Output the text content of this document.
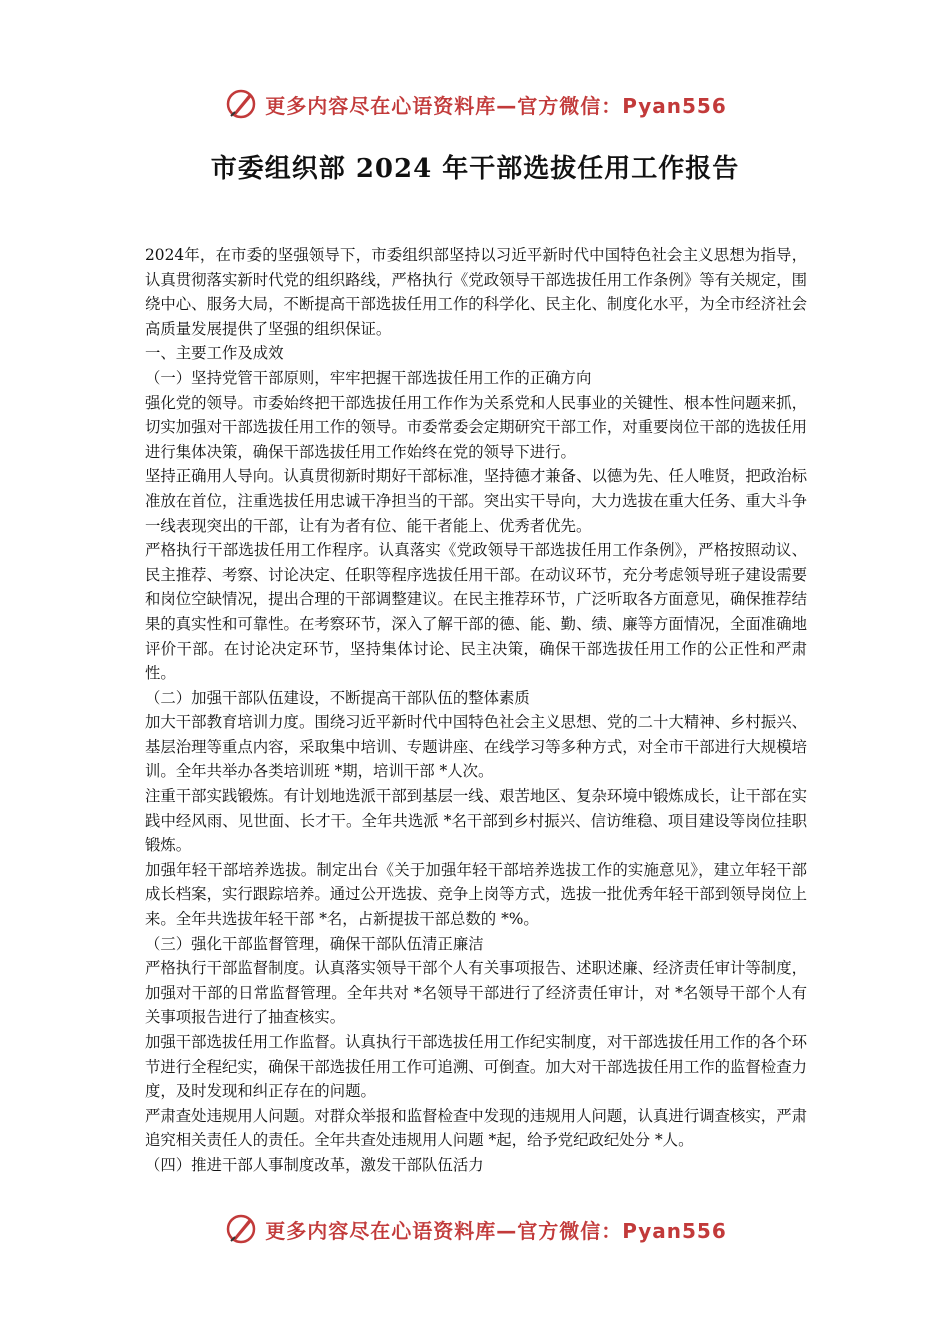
更多内容尽在心语资料库—官方微信：Pyan556
市委组织部 2024 年干部选拔任用工作报告

2024年，在市委的坚强领导下，市委组织部坚持以习近平新时代中国特色社会主义思想为指导，认真贯彻落实新时代党的组织路线，严格执行《党政领导干部选拔任用工作条例》等有关规定，围绕中心、服务大局，不断提高干部选拔任用工作的科学化、民主化、制度化水平，为全市经济社会高质量发展提供了坚强的组织保证。

一、主要工作及成效

（一）坚持党管干部原则，牢牢把握干部选拔任用工作的正确方向

强化党的领导。市委始终把干部选拔任用工作作为关系党和人民事业的关键性、根本性问题来抓，切实加强对干部选拔任用工作的领导。市委常委会定期研究干部工作，对重要岗位干部的选拔任用进行集体决策，确保干部选拔任用工作始终在党的领导下进行。

坚持正确用人导向。认真贯彻新时期好干部标准，坚持德才兼备、以德为先、任人唯贤，把政治标准放在首位，注重选拔任用忠诚干净担当的干部。突出实干导向，大力选拔在重大任务、重大斗争一线表现突出的干部，让有为者有位、能干者能上、优秀者优先。

严格执行干部选拔任用工作程序。认真落实《党政领导干部选拔任用工作条例》，严格按照动议、民主推荐、考察、讨论决定、任职等程序选拔任用干部。在动议环节，充分考虑领导班子建设需要和岗位空缺情况，提出合理的干部调整建议。在民主推荐环节，广泛听取各方面意见，确保推荐结果的真实性和可靠性。在考察环节，深入了解干部的德、能、勤、绩、廉等方面情况，全面准确地评价干部。在讨论决定环节，坚持集体讨论、民主决策，确保干部选拔任用工作的公正性和严肃性。

（二）加强干部队伍建设，不断提高干部队伍的整体素质

加大干部教育培训力度。围绕习近平新时代中国特色社会主义思想、党的二十大精神、乡村振兴、基层治理等重点内容，采取集中培训、专题讲座、在线学习等多种方式，对全市干部进行大规模培训。全年共举办各类培训班 *期，培训干部 *人次。

注重干部实践锻炼。有计划地选派干部到基层一线、艰苦地区、复杂环境中锻炼成长，让干部在实践中经风雨、见世面、长才干。全年共选派 *名干部到乡村振兴、信访维稳、项目建设等岗位挂职锻炼。

加强年轻干部培养选拔。制定出台《关于加强年轻干部培养选拔工作的实施意见》，建立年轻干部成长档案，实行跟踪培养。通过公开选拔、竞争上岗等方式，选拔一批优秀年轻干部到领导岗位上来。全年共选拔年轻干部 *名，占新提拔干部总数的 *%。

（三）强化干部监督管理，确保干部队伍清正廉洁

严格执行干部监督制度。认真落实领导干部个人有关事项报告、述职述廉、经济责任审计等制度，加强对干部的日常监督管理。全年共对 *名领导干部进行了经济责任审计，对 *名领导干部个人有关事项报告进行了抽查核实。

加强干部选拔任用工作监督。认真执行干部选拔任用工作纪实制度，对干部选拔任用工作的各个环节进行全程纪实，确保干部选拔任用工作可追溯、可倒查。加大对干部选拔任用工作的监督检查力度，及时发现和纠正存在的问题。

严肃查处违规用人问题。对群众举报和监督检查中发现的违规用人问题，认真进行调查核实，严肃追究相关责任人的责任。全年共查处违规用人问题 *起，给予党纪政纪处分 *人。

（四）推进干部人事制度改革，激发干部队伍活力

更多内容尽在心语资料库—官方微信：Pyan556
